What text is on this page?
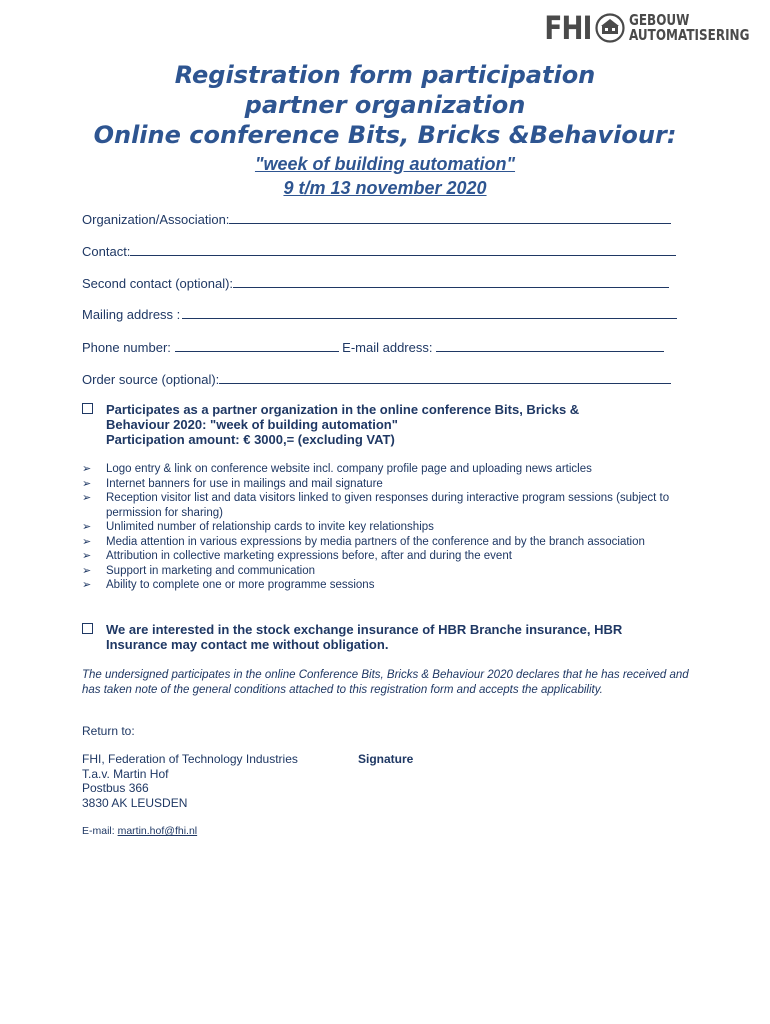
FHI	GEBOUW
AUTOMATISERING
Registration form participation
partner organization
Online conference Bits, Bricks &Behaviour:
"week of building automation"
9 t/m 13 november 2020
Organization/Association:
Contact:
Second contact (optional):
Mailing address :
Phone number:	E-mail address:
Order source (optional):
Participates as a partner organization in the online conference Bits, Bricks &
Behaviour 2020: "week of building automation"
Participation amount: € 3000,= (excluding VAT)
➢ Logo entry & link on conference website incl. company profile page and uploading news articles
➢ Internet banners for use in mailings and mail signature
➢ Reception visitor list and data visitors linked to given responses during interactive program sessions (subject to permission for sharing)
➢ Unlimited number of relationship cards to invite key relationships
➢ Media attention in various expressions by media partners of the conference and by the branch association
➢ Attribution in collective marketing expressions before, after and during the event
➢ Support in marketing and communication
➢ Ability to complete one or more programme sessions
We are interested in the stock exchange insurance of HBR Branche insurance, HBR
Insurance may contact me without obligation.
The undersigned participates in the online Conference Bits, Bricks & Behaviour 2020 declares that he has received and has taken note of the general conditions attached to this registration form and accepts the applicability.
Return to:
FHI, Federation of Technology Industries
T.a.v. Martin Hof
Postbus 366
3830 AK LEUSDEN
Signature
E-mail: martin.hof@fhi.nl
